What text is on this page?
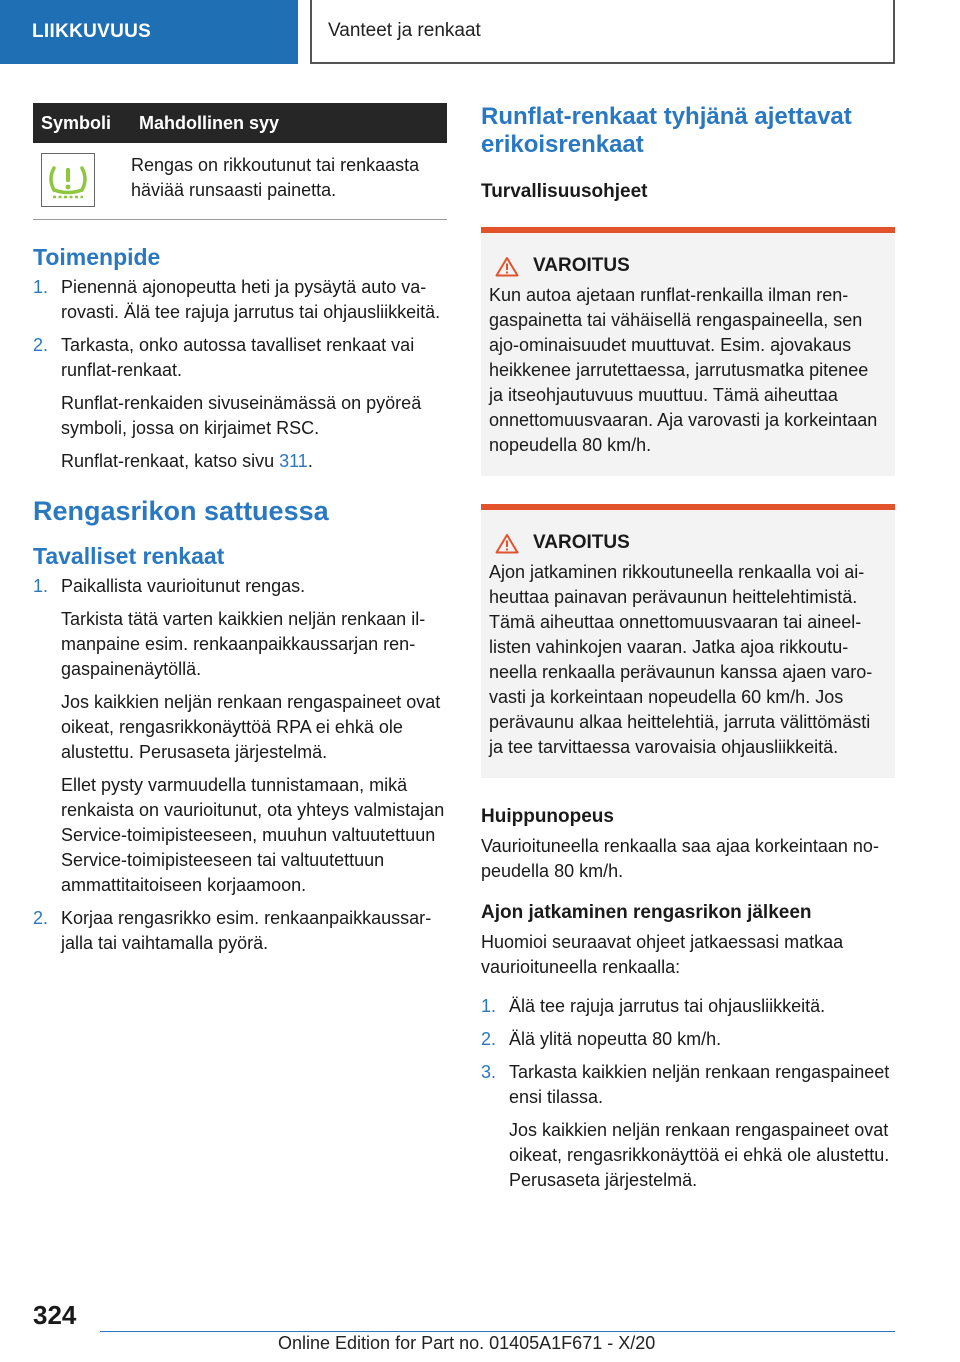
LIIKKUVUUS	Vanteet ja renkaat
Symboli	Mahdollinen syy

	Rengas on rikkoutunut tai renkaasta häviää runsaasti painetta.
Toimenpide
1. Pienennä ajonopeutta heti ja pysäytä auto varovasti. Älä tee rajuja jarrutus tai ohjausliikkeitä.

2. Tarkasta, onko autossa tavalliset renkaat vai runflat-renkaat.

Runflat-renkaiden sivuseinämässä on pyöreä symboli, jossa on kirjaimet RSC.

Runflat-renkaat, katso sivu 311.

Rengasrikon sattuessa
Tavalliset renkaat
1. Paikallista vaurioitunut rengas.

Tarkista tätä varten kaikkien neljän renkaan ilmanpaine esim. renkaanpaikkaussarjan rengaspainenäytöllä.

Jos kaikkien neljän renkaan rengaspaineet ovat oikeat, rengasrikkonäyttöä RPA ei ehkä ole alustettu. Perusaseta järjestelmä.

Ellet pysty varmuudella tunnistamaan, mikä renkaista on vaurioitunut, ota yhteys valmistajan Service-toimipisteeseen, muuhun valtuutettuun Service-toimipisteeseen tai valtuutettuun ammattitaitoiseen korjaamoon.

2. Korjaa rengasrikko esim. renkaanpaikkaussarjalla tai vaihtamalla pyörä.

Runflat-renkaat tyhjänä ajettavat erikoisrenkaat
Turvallisuusohjeet
VAROITUS

Kun autoa ajetaan runflat-renkailla ilman rengaspainetta tai vähäisellä rengaspaineella, sen ajo-ominaisuudet muuttuvat. Esim. ajovakaus heikkenee jarrutettaessa, jarrutusmatka pitenee ja itseohjautuvuus muuttuu. Tämä aiheuttaa onnettomuusvaaran. Aja varovasti ja korkeintaan nopeudella 80 km/h.

VAROITUS

Ajon jatkaminen rikkoutuneella renkaalla voi aiheuttaa painavan perävaunun heittelehtimistä. Tämä aiheuttaa onnettomuusvaaran tai aineellisten vahinkojen vaaran. Jatka ajoa rikkoutuneella renkaalla perävaunun kanssa ajaen varovasti ja korkeintaan nopeudella 60 km/h. Jos perävaunu alkaa heittelehtiä, jarruta välittömästi ja tee tarvittaessa varovaisia ohjausliikkeitä.

Huippunopeus

Vaurioituneella renkaalla saa ajaa korkeintaan nopeudella 80 km/h.

Ajon jatkaminen rengasrikon jälkeen

Huomioi seuraavat ohjeet jatkaessasi matkaa vaurioituneella renkaalla:

1. Älä tee rajuja jarrutus tai ohjausliikkeitä.

2. Älä ylitä nopeutta 80 km/h.

3. Tarkasta kaikkien neljän renkaan rengaspaineet ensi tilassa.

Jos kaikkien neljän renkaan rengaspaineet ovat oikeat, rengasrikkonäyttöä ei ehkä ole alustettu. Perusaseta järjestelmä.

324
Online Edition for Part no. 01405A1F671 - X/20
